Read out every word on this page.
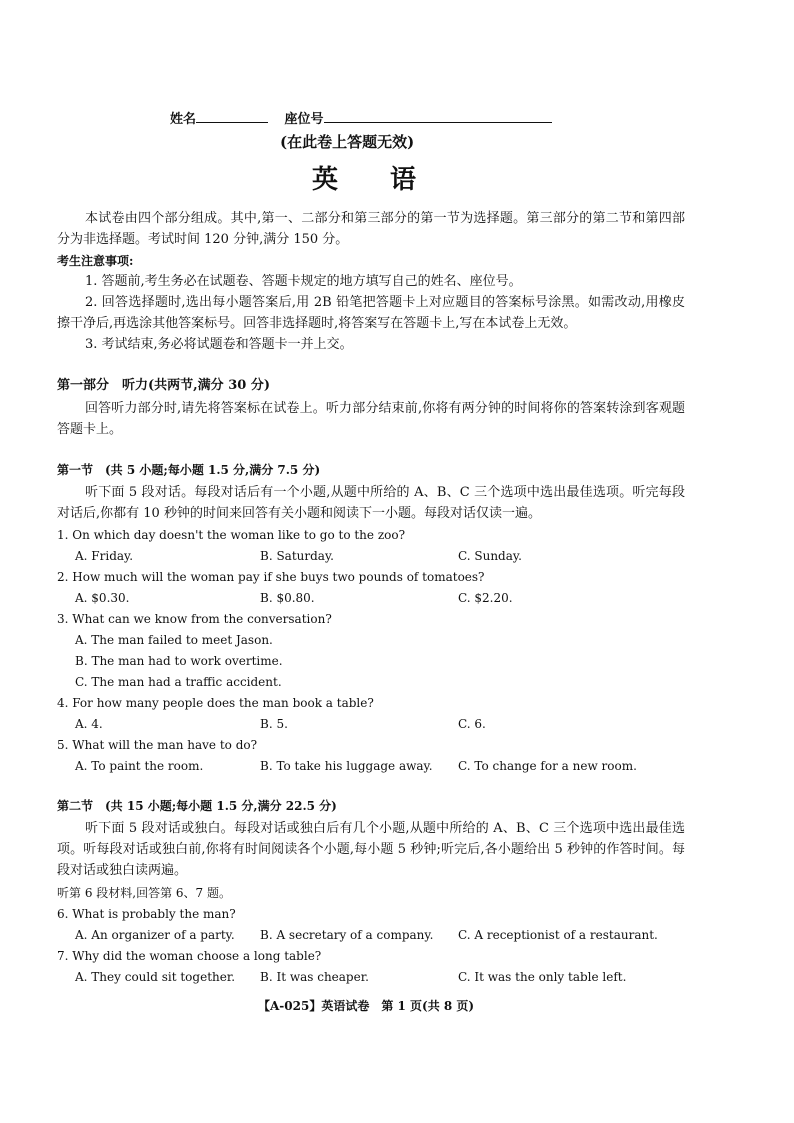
姓名	座位号
(在此卷上答题无效)
英　　语
本试卷由四个部分组成。其中,第一、二部分和第三部分的第一节为选择题。第三部分的第二节和第四部分为非选择题。考试时间 120 分钟,满分 150 分。
考生注意事项:
1. 答题前,考生务必在试题卷、答题卡规定的地方填写自己的姓名、座位号。
2. 回答选择题时,选出每小题答案后,用 2B 铅笔把答题卡上对应题目的答案标号涂黑。如需改动,用橡皮擦干净后,再选涂其他答案标号。回答非选择题时,将答案写在答题卡上,写在本试卷上无效。
3. 考试结束,务必将试题卷和答题卡一并上交。
第一部分　听力(共两节,满分 30 分)
回答听力部分时,请先将答案标在试卷上。听力部分结束前,你将有两分钟的时间将你的答案转涂到客观题答题卡上。
第一节　(共 5 小题;每小题 1.5 分,满分 7.5 分)
听下面 5 段对话。每段对话后有一个小题,从题中所给的 A、B、C 三个选项中选出最佳选项。听完每段对话后,你都有 10 秒钟的时间来回答有关小题和阅读下一小题。每段对话仅读一遍。
1. On which day doesn't the woman like to go to the zoo?
A. Friday.	B. Saturday.	C. Sunday.
2. How much will the woman pay if she buys two pounds of tomatoes?
A. $0.30.	B. $0.80.	C. $2.20.
3. What can we know from the conversation?
A. The man failed to meet Jason.
B. The man had to work overtime.
C. The man had a traffic accident.
4. For how many people does the man book a table?
A. 4.	B. 5.	C. 6.
5. What will the man have to do?
A. To paint the room.	B. To take his luggage away. C. To change for a new room.
第二节　(共 15 小题;每小题 1.5 分,满分 22.5 分)
听下面 5 段对话或独白。每段对话或独白后有几个小题,从题中所给的 A、B、C 三个选项中选出最佳选项。听每段对话或独白前,你将有时间阅读各个小题,每小题 5 秒钟;听完后,各小题给出 5 秒钟的作答时间。每段对话或独白读两遍。
听第 6 段材料,回答第 6、7 题。
6. What is probably the man?
A. An organizer of a party. B. A secretary of a company. C. A receptionist of a restaurant.
7. Why did the woman choose a long table?
A. They could sit together. B. It was cheaper.	C. It was the only table left.
【A-025】英语试卷　第 1 页(共 8 页)
